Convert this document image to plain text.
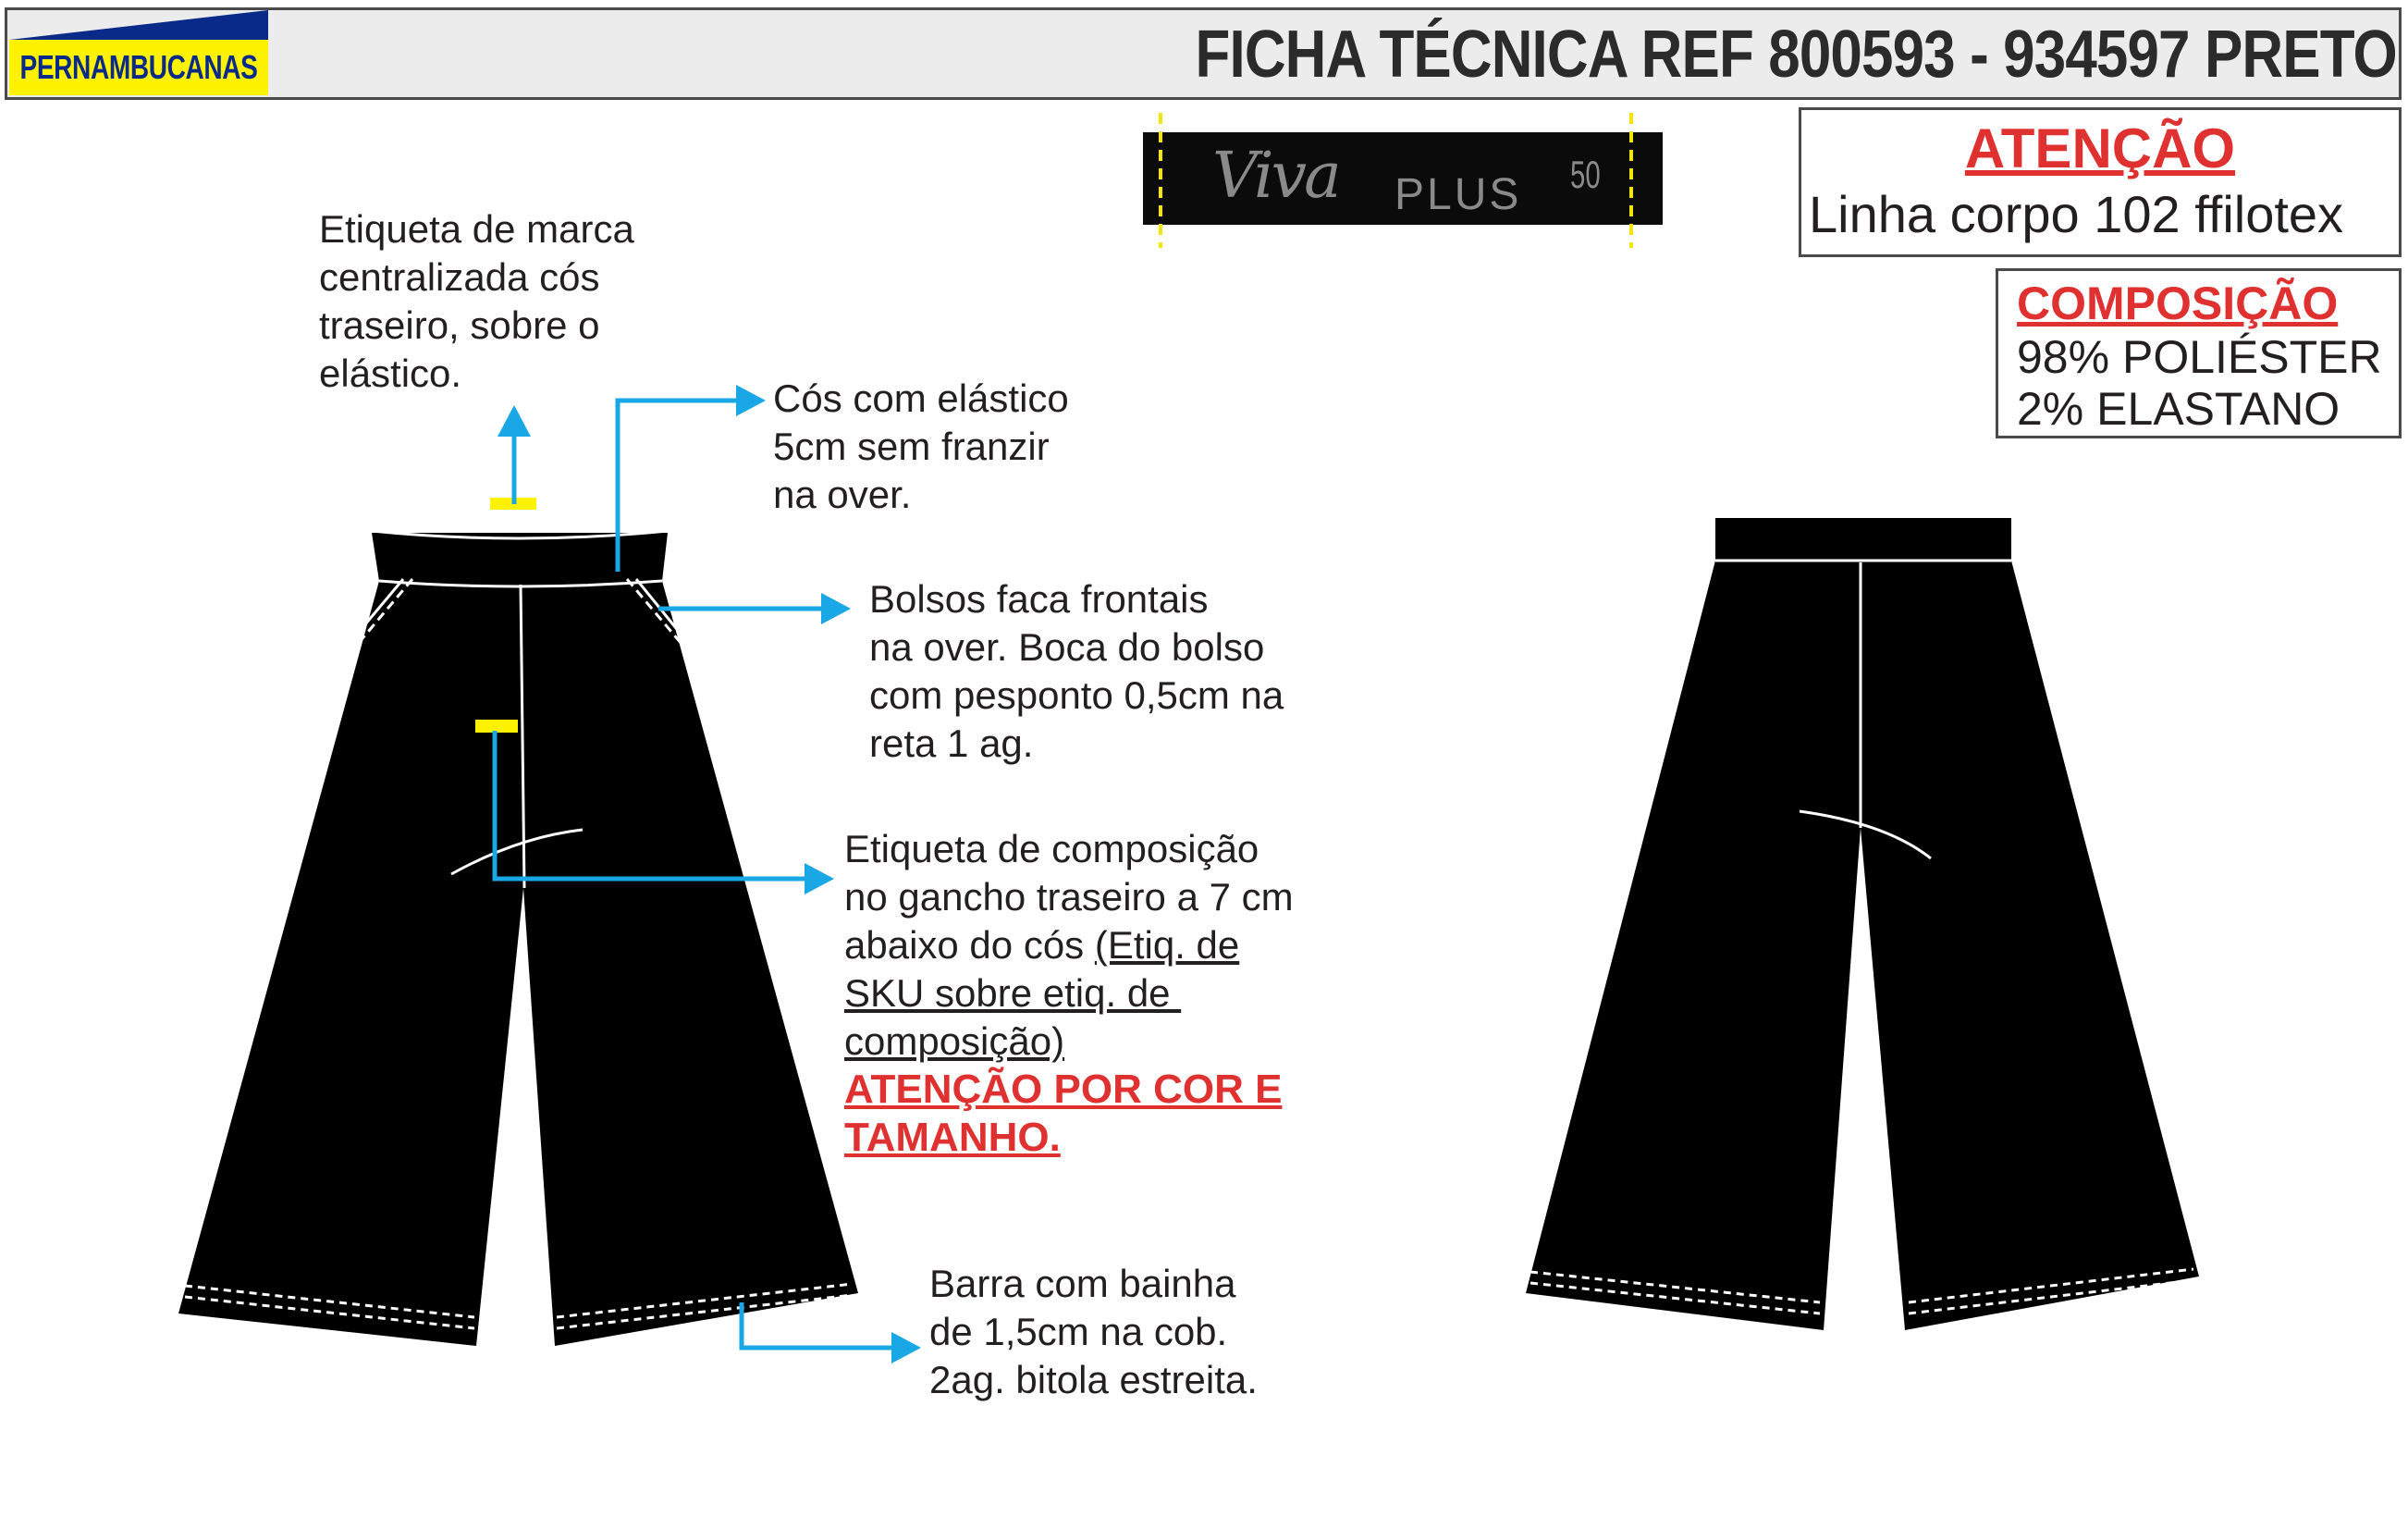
PERNAMBUCANAS	FICHA TÉCNICA REF 800593 - 934597 PRETO
Viva PLUS 50	ATENÇÃO
Linha corpo 102 ffilotex
COMPOSIÇÃO
98% POLIÉSTER
2% ELASTANO
Etiqueta de marca
centralizada cós
traseiro, sobre o
elástico.
Cós com elástico
5cm sem franzir
na over.
Bolsos faca frontais
na over. Boca do bolso
com pesponto 0,5cm na
reta 1 ag.
Etiqueta de composição
no gancho traseiro a 7 cm
abaixo do cós (Etiq. de
SKU sobre etiq. de
composição)
ATENÇÃO POR COR E
TAMANHO.
Barra com bainha
de 1,5cm na cob.
2ag. bitola estreita.
